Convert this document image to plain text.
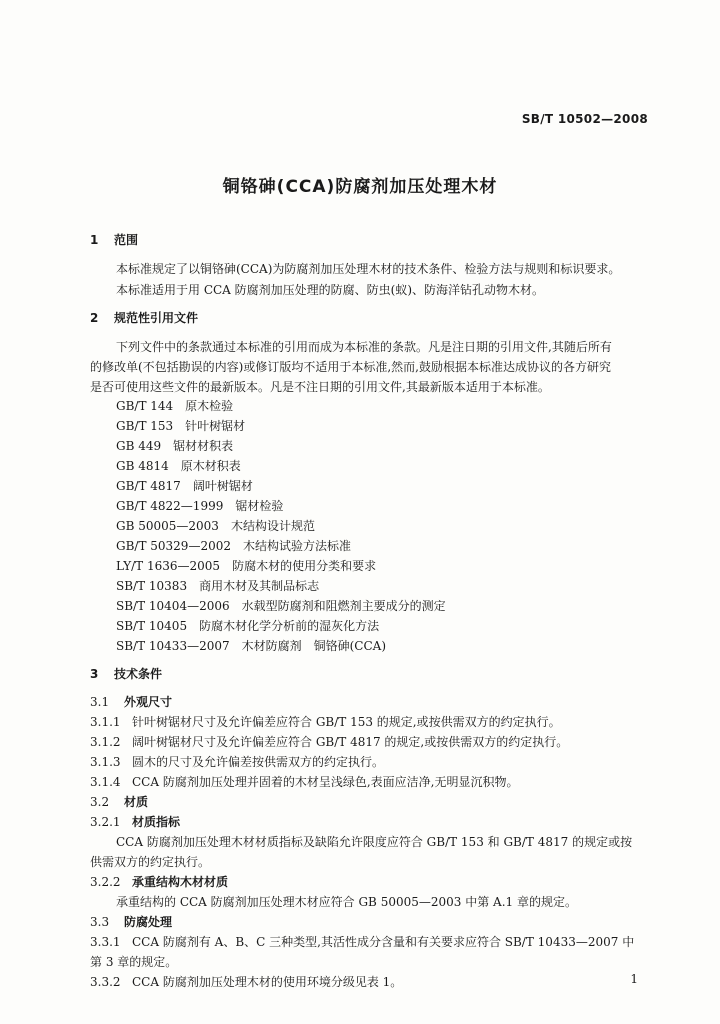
SB/T 10502—2008
铜铬砷(CCA)防腐剂加压处理木材
1 范围
本标准规定了以铜铬砷(CCA)为防腐剂加压处理木材的技术条件、检验方法与规则和标识要求。
本标准适用于用 CCA 防腐剂加压处理的防腐、防虫(蚁)、防海洋钻孔动物木材。
2 规范性引用文件
下列文件中的条款通过本标准的引用而成为本标准的条款。凡是注日期的引用文件,其随后所有
的修改单(不包括勘误的内容)或修订版均不适用于本标准,然而,鼓励根据本标准达成协议的各方研究
是否可使用这些文件的最新版本。凡是不注日期的引用文件,其最新版本适用于本标准。
GB/T 144 原木检验
GB/T 153 针叶树锯材
GB 449 锯材材积表
GB 4814 原木材积表
GB/T 4817 阔叶树锯材
GB/T 4822—1999 锯材检验
GB 50005—2003 木结构设计规范
GB/T 50329—2002 木结构试验方法标准
LY/T 1636—2005 防腐木材的使用分类和要求
SB/T 10383 商用木材及其制品标志
SB/T 10404—2006 水载型防腐剂和阻燃剂主要成分的测定
SB/T 10405 防腐木材化学分析前的湿灰化方法
SB/T 10433—2007 木材防腐剂　铜铬砷(CCA)
3 技术条件
3.1 外观尺寸
3.1.1 针叶树锯材尺寸及允许偏差应符合 GB/T 153 的规定,或按供需双方的约定执行。
3.1.2 阔叶树锯材尺寸及允许偏差应符合 GB/T 4817 的规定,或按供需双方的约定执行。
3.1.3 圆木的尺寸及允许偏差按供需双方的约定执行。
3.1.4 CCA 防腐剂加压处理并固着的木材呈浅绿色,表面应洁净,无明显沉积物。
3.2 材质
3.2.1 材质指标
CCA 防腐剂加压处理木材材质指标及缺陷允许限度应符合 GB/T 153 和 GB/T 4817 的规定或按
供需双方的约定执行。
3.2.2 承重结构木材材质
承重结构的 CCA 防腐剂加压处理木材应符合 GB 50005—2003 中第 A.1 章的规定。
3.3 防腐处理
3.3.1 CCA 防腐剂有 A、B、C 三种类型,其活性成分含量和有关要求应符合 SB/T 10433—2007 中
第 3 章的规定。
3.3.2 CCA 防腐剂加压处理木材的使用环境分级见表 1。	1
